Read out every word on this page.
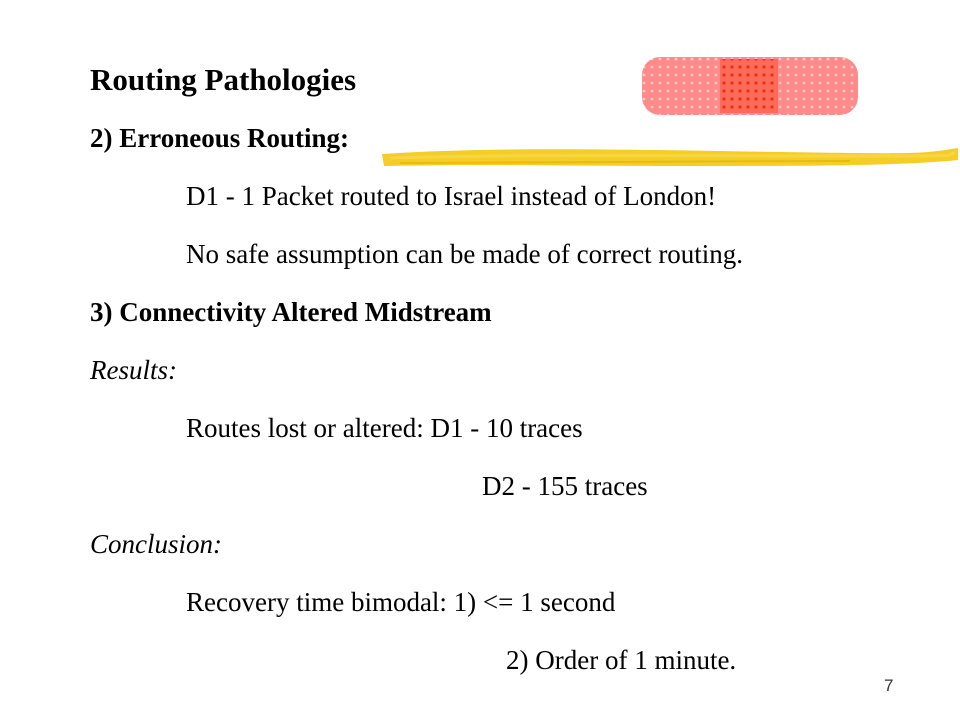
Routing Pathologies
2) Erroneous Routing:
D1 - 1 Packet routed to Israel instead of London!
No safe assumption can be made of correct routing.
3) Connectivity Altered Midstream
Results:
Routes lost or altered: D1 - 10 traces
D2 - 155 traces
Conclusion:
Recovery time bimodal: 1) <= 1 second
2) Order of 1 minute.
7
